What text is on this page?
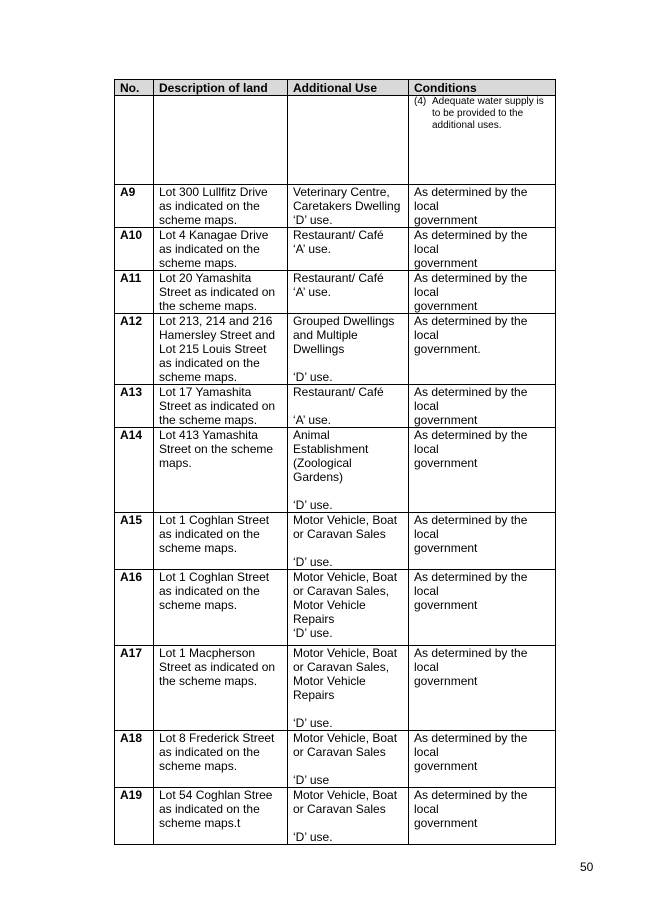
No.	Description of land	Additional Use	Conditions

			(4) Adequate water supply is to be provided to the additional uses.

A9	Lot 300 Lullfitz Drive
as indicated on the
scheme maps.	Veterinary Centre,
Caretakers Dwelling
‘D’ use.	As determined by the local
government
A10	Lot 4 Kanagae Drive
as indicated on the
scheme maps.	Restaurant/ Café
‘A’ use.	As determined by the local
government
A11	Lot 20 Yamashita
Street as indicated on
the scheme maps.	Restaurant/ Café
‘A’ use.	As determined by the local
government
A12	Lot 213, 214 and 216
Hamersley Street and
Lot 215 Louis Street
as indicated on the
scheme maps.	Grouped Dwellings
and Multiple
Dwellings

‘D’ use.	As determined by the local
government.
A13	Lot 17 Yamashita
Street as indicated on
the scheme maps.	Restaurant/ Café

‘A’ use.	As determined by the local
government
A14	Lot 413 Yamashita
Street on the scheme
maps.	Animal
Establishment
(Zoological
Gardens)

‘D’ use.	As determined by the local
government
A15	Lot 1 Coghlan Street
as indicated on the
scheme maps.	Motor Vehicle, Boat
or Caravan Sales

‘D’ use.	As determined by the local
government
A16	Lot 1 Coghlan Street
as indicated on the
scheme maps.	Motor Vehicle, Boat
or Caravan Sales,
Motor Vehicle
Repairs
‘D’ use.	As determined by the local
government
A17	Lot 1 Macpherson
Street as indicated on
the scheme maps.	Motor Vehicle, Boat
or Caravan Sales,
Motor Vehicle
Repairs

‘D’ use.	As determined by the local
government
A18	Lot 8 Frederick Street
as indicated on the
scheme maps.	Motor Vehicle, Boat
or Caravan Sales

‘D’ use	As determined by the local
government
A19	Lot 54 Coghlan Stree
as indicated on the
scheme maps.t	Motor Vehicle, Boat
or Caravan Sales

‘D’ use.	As determined by the local
government
50
